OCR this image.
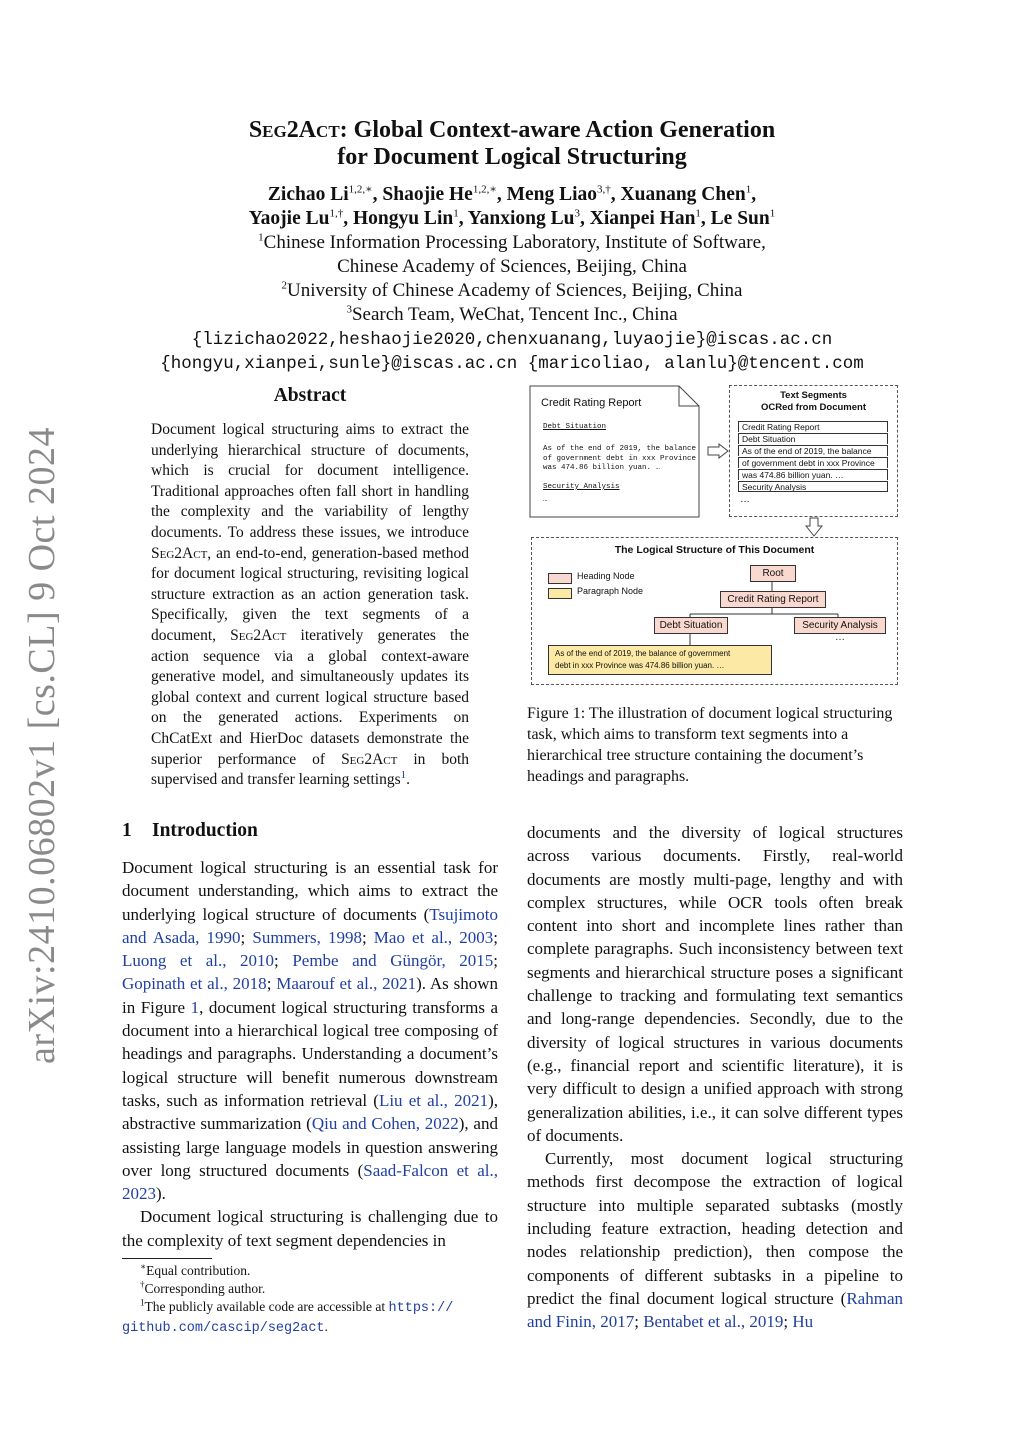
arXiv:2410.06802v1 [cs.CL] 9 Oct 2024
Seg2Act: Global Context-aware Action Generation
for Document Logical Structuring
Zichao $Li^{1,2,∗}$, Shaojie $He^{1,2,∗}$, Meng Liao$^{3,\dagger}$, Xuanang Chen$^1$,
Yaojie $Lu^{1,\dagger}$, Hongyu Lin$^1$, Yanxiong Lu$^3$, Xianpei Han$^1$, Le Sun$^1$
$^1$Chinese Information Processing Laboratory, Institute of Software,
Chinese Academy of Sciences, Beijing, China
$^2$University of Chinese Academy of Sciences, Beijing, China
$^3$Search Team, WeChat, Tencent Inc., China
{lizichao2022,heshaojie2020,chenxuanang,luyaojie}@iscas.ac.cn
{hongyu,xianpei,sunle}@iscas.ac.cn {maricoliao, alanlu}@tencent.com
Abstract
Document logical structuring aims to extract the underlying hierarchical structure of documents, which is crucial for document intelligence. Traditional approaches often fall short in handling the complexity and the variability of lengthy documents. To address these issues, we introduce Seg2Act, an end-to-end, generation-based method for document logical structuring, revisiting logical structure extraction as an action generation task. Specifically, given the text segments of a document, Seg2Act iteratively generates the action sequence via a global context-aware generative model, and simultaneously updates its global context and current logical structure based on the generated actions. Experiments on ChCatExt and HierDoc datasets demonstrate the superior performance of Seg2Act in both supervised and transfer learning settings$^1$.
1 Introduction

Document logical structuring is an essential task for document understanding, which aims to extract the underlying logical structure of documents (Tsujimoto and Asada, 1990; Summers, 1998; Mao et al., 2003; Luong et al., 2010; Pembe and Güngör, 2015; Gopinath et al., 2018; Maarouf et al., 2021). As shown in Figure 1, document logical structuring transforms a document into a hierarchical logical tree composing of headings and paragraphs. Understanding a document’s logical structure will benefit numerous downstream tasks, such as information retrieval (Liu et al., 2021), abstractive summarization (Qiu and Cohen, 2022), and assisting large language models in question answering over long structured documents (Saad-Falcon et al., 2023).

Document logical structuring is challenging due to the complexity of text segment dependencies in

∗Equal contribution.
†Corresponding author.
$^1$The publicly available code are accessible at https://
github.com/cascip/seg2act.
Credit Rating Report
Debt Situation
As of the end of 2019, the balance
of government debt in xxx Province
was 474.86 billion yuan. …
Security Analysis
…
Text Segments
OCRed from Document
Credit Rating Report
Debt Situation
As of the end of 2019, the balance
of government debt in xxx Province
was 474.86 billion yuan. …
Security Analysis
…
The Logical Structure of This Document
Heading Node
Paragraph Node
Root
Credit Rating Report
Debt Situation	Security Analysis
…
As of the end of 2019, the balance of government
debt in xxx Province was 474.86 billion yuan. …
Figure 1: The illustration of document logical structuring task, which aims to transform text segments into a hierarchical tree structure containing the document’s headings and paragraphs.

documents and the diversity of logical structures across various documents. Firstly, real-world documents are mostly multi-page, lengthy and with complex structures, while OCR tools often break content into short and incomplete lines rather than complete paragraphs. Such inconsistency between text segments and hierarchical structure poses a significant challenge to tracking and formulating text semantics and long-range dependencies. Secondly, due to the diversity of logical structures in various documents (e.g., financial report and scientific literature), it is very difficult to design a unified approach with strong generalization abilities, i.e., it can solve different types of documents.

Currently, most document logical structuring methods first decompose the extraction of logical structure into multiple separated subtasks (mostly including feature extraction, heading detection and nodes relationship prediction), then compose the components of different subtasks in a pipeline to predict the final document logical structure (Rahman and Finin, 2017; Bentabet et al., 2019; Hu
